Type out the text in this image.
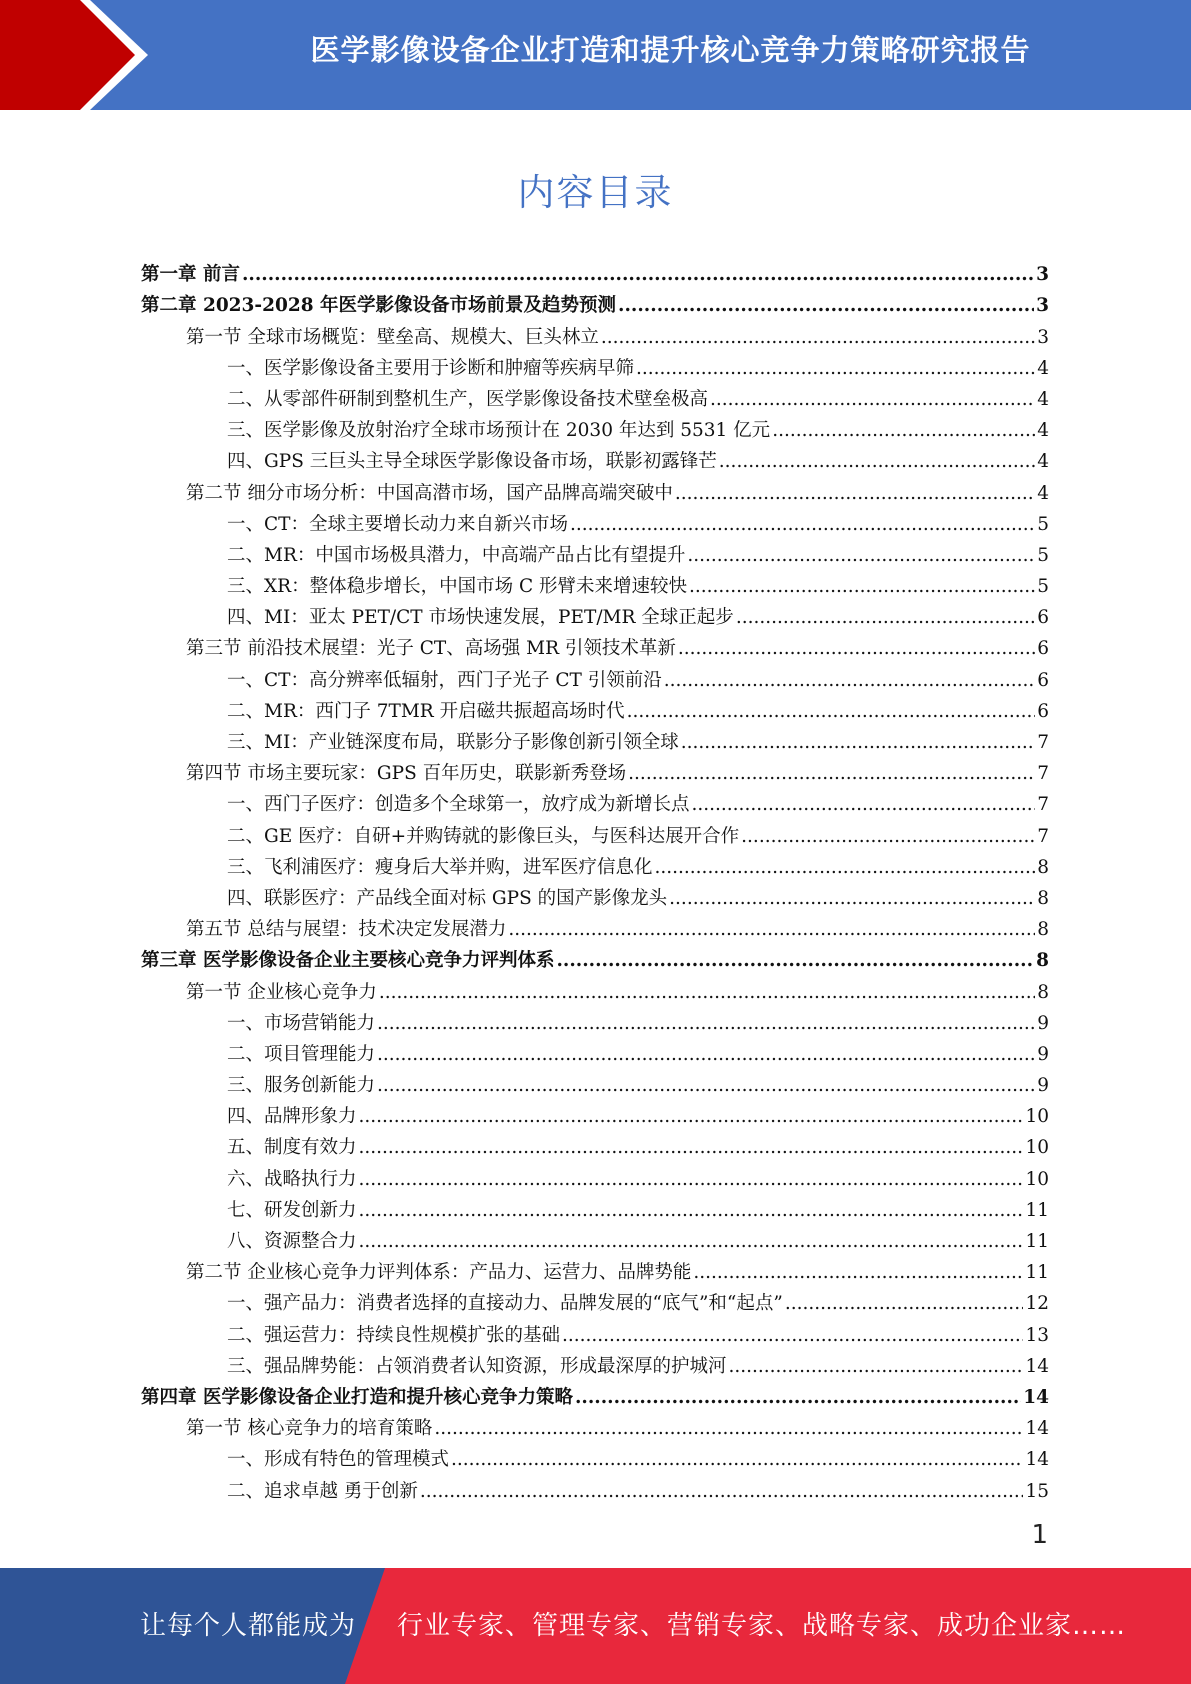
医学影像设备企业打造和提升核心竞争力策略研究报告
内容目录
第一章 前言 .....	3
第二章 2023-2028 年医学影像设备市场前景及趋势预测 .....	3
第一节 全球市场概览：壁垒高、规模大、巨头林立 .....	3
一、医学影像设备主要用于诊断和肿瘤等疾病早筛 .....	4
二、从零部件研制到整机生产，医学影像设备技术壁垒极高 .....	4
三、医学影像及放射治疗全球市场预计在 2030 年达到 5531 亿元 .....	4
四、GPS 三巨头主导全球医学影像设备市场，联影初露锋芒 .....	4
第二节 细分市场分析：中国高潜市场，国产品牌高端突破中 .....	4
一、CT：全球主要增长动力来自新兴市场 .....	5
二、MR：中国市场极具潜力，中高端产品占比有望提升 .....	5
三、XR：整体稳步增长，中国市场 C 形臂未来增速较快 .....	5
四、MI：亚太 PET/CT 市场快速发展，PET/MR 全球正起步 .....	6
第三节 前沿技术展望：光子 CT、高场强 MR 引领技术革新 .....	6
一、CT：高分辨率低辐射，西门子光子 CT 引领前沿 .....	6
二、MR：西门子 7TMR 开启磁共振超高场时代 .....	6
三、MI：产业链深度布局，联影分子影像创新引领全球 .....	7
第四节 市场主要玩家：GPS 百年历史，联影新秀登场 .....	7
一、西门子医疗：创造多个全球第一，放疗成为新增长点 .....	7
二、GE 医疗：自研+并购铸就的影像巨头，与医科达展开合作 .....	7
三、飞利浦医疗：瘦身后大举并购，进军医疗信息化 .....	8
四、联影医疗：产品线全面对标 GPS 的国产影像龙头 .....	8
第五节 总结与展望：技术决定发展潜力 .....	8
第三章 医学影像设备企业主要核心竞争力评判体系 .....	8
第一节 企业核心竞争力 .....	8
一、市场营销能力 .....	9
二、项目管理能力 .....	9
三、服务创新能力 .....	9
四、品牌形象力 .....	10
五、制度有效力 .....	10
六、战略执行力 .....	10
七、研发创新力 .....	11
八、资源整合力 .....	11
第二节 企业核心竞争力评判体系：产品力、运营力、品牌势能 .....	11
一、强产品力：消费者选择的直接动力、品牌发展的“底气”和“起点” .....	12
二、强运营力：持续良性规模扩张的基础 .....	13
三、强品牌势能：占领消费者认知资源，形成最深厚的护城河 .....	14
第四章 医学影像设备企业打造和提升核心竞争力策略 .....	14
第一节 核心竞争力的培育策略 .....	14
一、形成有特色的管理模式 .....	14
二、追求卓越 勇于创新 .....	15
1
让每个人都能成为 行业专家、管理专家、营销专家、战略专家、成功企业家……
